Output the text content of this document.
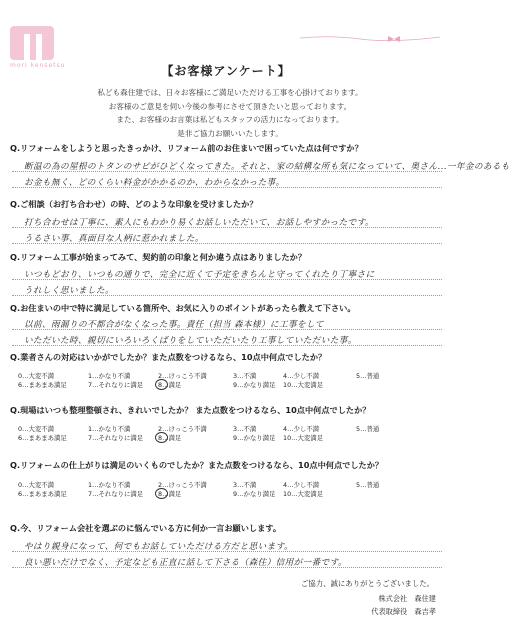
mori kensetsu	【お客様アンケート】
私ども森住建では、日々お客様にご満足いただける工事を心掛けております。
お客様のご意見を伺い今後の参考にさせて頂きたいと思っております。
また、お客様のお言葉は私どもスタッフの活力になっております。
是非ご協力お願いいたします。
Q.リフォームをしようと思ったきっかけ、リフォーム前のお住まいで困っていた点は何ですか？
断温の為の屋根のトタンのサビがひどくなってきた。それと、家の結構な所も気になっていて、奥さん...一年金のあるも
お金も無く、どのくらい料金がかかるのか、わからなかった事。
Q.ご相談（お打ち合わせ）の時、どのような印象を受けましたか？
打ち合わせは丁寧に、素人にもわかり易くお話しいただいて、お話しやすかったです。
うるさい事、真面目な人柄に惹かれました。
Q.リフォーム工事が始まってみて、契約前の印象と何か違う点はありましたか？
いつもどおり、いつもの通りで、完全に近くて予定をきちんと守ってくれたり丁寧さに
うれしく思いました。
Q.お住まいの中で特に満足している箇所や、お気に入りのポイントがあったら教えて下さい。
以前、雨漏りの不都合がなくなった事。責任（担当 森本様）に工事をして
いただいた時、親切にいろいろくばりをしていただいたり工事していただいた事。
Q.業者さんの対応はいかがでしたか？また点数をつけるなら、10点中何点でしたか？
0…大変不満	1…かなり不満	2…けっこう不満	3…不満	4…少し不満	5…普通
6…まあまあ満足	7…それなりに満足 8…満足	9…かなり満足 10…大変満足
Q.現場はいつも整理整頓され、きれいでしたか？ また点数をつけるなら、10点中何点でしたか？
0…大変不満	1…かなり不満	2…けっこう不満	3…不満	4…少し不満	5…普通
6…まあまあ満足	7…それなりに満足 8…満足	9…かなり満足 10…大変満足
Q.リフォームの仕上がりは満足のいくものでしたか？また点数をつけるなら、10点中何点でしたか？
0…大変不満	1…かなり不満	2…けっこう不満	3…不満	4…少し不満	5…普通
6…まあまあ満足	7…それなりに満足 8…満足	9…かなり満足 10…大変満足
Q.今、リフォーム会社を選ぶのに悩んでいる方に何か一言お願いします。
やはり親身になって、何でもお話していただける方だと思います。
良い悪いだけでなく、予定なども正直に話して下さる（森住）信用が一番です。
ご協力、誠にありがとうございました。
株式会社　森住建
代表取締役　森吉孝
